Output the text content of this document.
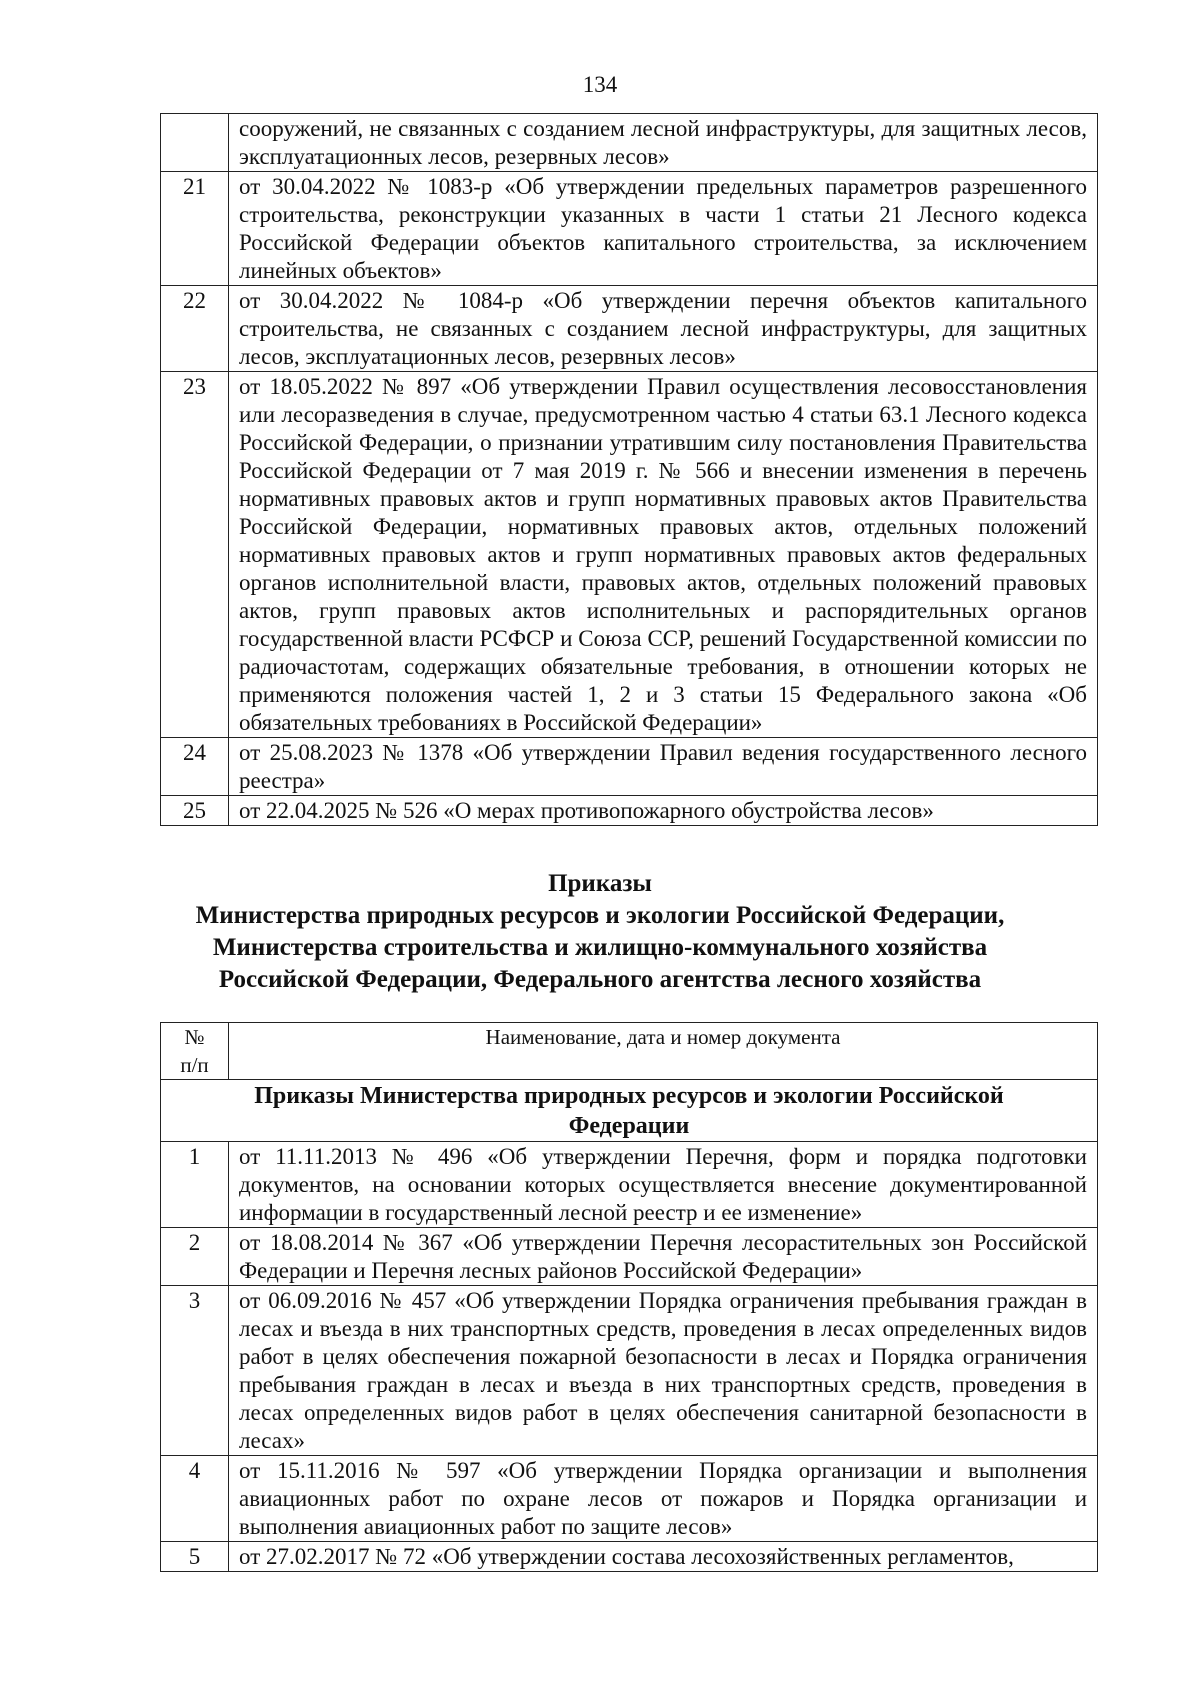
134
	сооружений, не связанных с созданием лесной инфраструктуры, для защитных лесов, эксплуатационных лесов, резервных лесов»
21	от 30.04.2022 № 1083-р «Об утверждении предельных параметров разрешенного строительства, реконструкции указанных в части 1 статьи 21 Лесного кодекса Российской Федерации объектов капитального строительства, за исключением линейных объектов»
22	от 30.04.2022 № 1084-р «Об утверждении перечня объектов капитального строительства, не связанных с созданием лесной инфраструктуры, для защитных лесов, эксплуатационных лесов, резервных лесов»
23	от 18.05.2022 № 897 «Об утверждении Правил осуществления лесовосстановления или лесоразведения в случае, предусмотренном частью 4 статьи 63.1 Лесного кодекса Российской Федерации, о признании утратившим силу постановления Правительства Российской Федерации от 7 мая 2019 г. № 566 и внесении изменения в перечень нормативных правовых актов и групп нормативных правовых актов Правительства Российской Федерации, нормативных правовых актов, отдельных положений нормативных правовых актов и групп нормативных правовых актов федеральных органов исполнительной власти, правовых актов, отдельных положений правовых актов, групп правовых актов исполнительных и распорядительных органов государственной власти РСФСР и Союза ССР, решений Государственной комиссии по радиочастотам, содержащих обязательные требования, в отношении которых не применяются положения частей 1, 2 и 3 статьи 15 Федерального закона «Об обязательных требованиях в Российской Федерации»
24	от 25.08.2023 № 1378 «Об утверждении Правил ведения государственного лесного реестра»
25	от 22.04.2025 № 526 «О мерах противопожарного обустройства лесов»
Приказы
Министерства природных ресурсов и экологии Российской Федерации,
Министерства строительства и жилищно-коммунального хозяйства
Российской Федерации, Федерального агентства лесного хозяйства
№
п/п	Наименование, дата и номер документа

Приказы Министерства природных ресурсов и экологии Российской
Федерации	

1	от 11.11.2013 № 496 «Об утверждении Перечня, форм и порядка подготовки документов, на основании которых осуществляется внесение документированной информации в государственный лесной реестр и ее изменение»
2	от 18.08.2014 № 367 «Об утверждении Перечня лесорастительных зон Российской Федерации и Перечня лесных районов Российской Федерации»
3	от 06.09.2016 № 457 «Об утверждении Порядка ограничения пребывания граждан в лесах и въезда в них транспортных средств, проведения в лесах определенных видов работ в целях обеспечения пожарной безопасности в лесах и Порядка ограничения пребывания граждан в лесах и въезда в них транспортных средств, проведения в лесах определенных видов работ в целях обеспечения санитарной безопасности в лесах»
4	от 15.11.2016 № 597 «Об утверждении Порядка организации и выполнения авиационных работ по охране лесов от пожаров и Порядка организации и выполнения авиационных работ по защите лесов»
5	от 27.02.2017 № 72 «Об утверждении состава лесохозяйственных регламентов,
